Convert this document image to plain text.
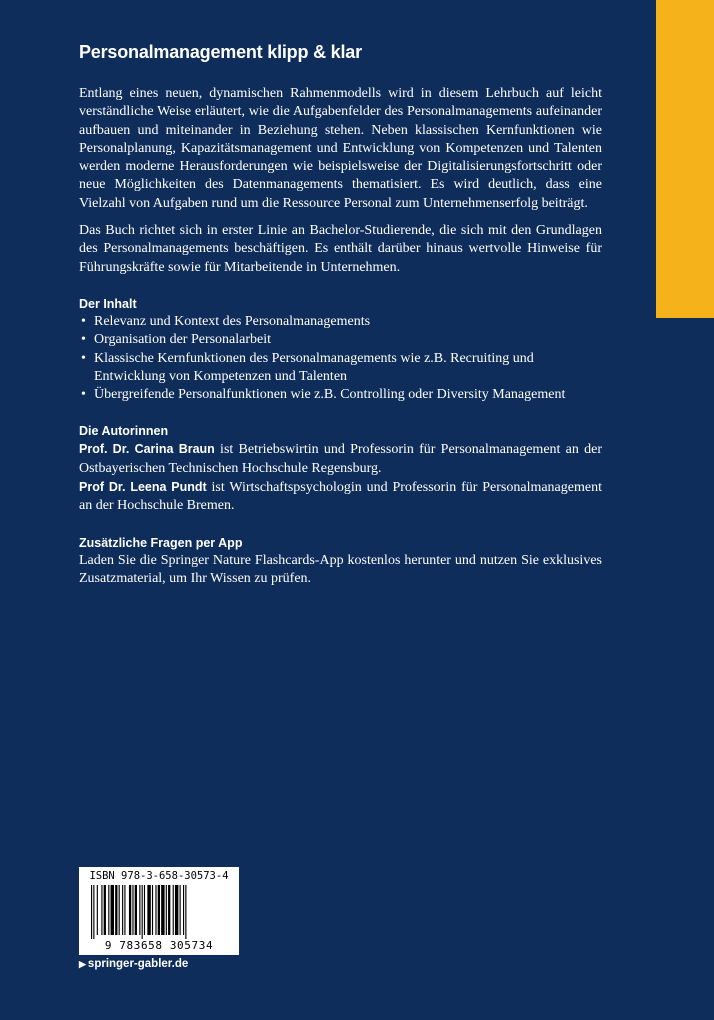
Personalmanagement klipp & klar

Entlang eines neuen, dynamischen Rahmenmodells wird in diesem Lehrbuch auf leicht verständliche Weise erläutert, wie die Aufgabenfelder des Personalmanagements aufeinander aufbauen und miteinander in Beziehung stehen. Neben klassischen Kernfunktionen wie Personalplanung, Kapazitätsmanagement und Entwicklung von Kompetenzen und Talenten werden moderne Herausforderungen wie beispielsweise der Digitalisierungsfortschritt oder neue Möglichkeiten des Datenmanagements thematisiert. Es wird deutlich, dass eine Vielzahl von Aufgaben rund um die Ressource Personal zum Unternehmenserfolg beiträgt.

Das Buch richtet sich in erster Linie an Bachelor-Studierende, die sich mit den Grundlagen des Personalmanagements beschäftigen. Es enthält darüber hinaus wertvolle Hinweise für Führungskräfte sowie für Mitarbeitende in Unternehmen.

Der Inhalt
• Relevanz und Kontext des Personalmanagements
• Organisation der Personalarbeit
• Klassische Kernfunktionen des Personalmanagements wie z.B. Recruiting und Entwicklung von Kompetenzen und Talenten
• Übergreifende Personalfunktionen wie z.B. Controlling oder Diversity Management
Die Autorinnen

Prof. Dr. Carina Braun ist Betriebswirtin und Professorin für Personalmanagement an der Ostbayerischen Technischen Hochschule Regensburg.

Prof Dr. Leena Pundt ist Wirtschaftspsychologin und Professorin für Personalmanagement an der Hochschule Bremen.

Zusätzliche Fragen per App

Laden Sie die Springer Nature Flashcards-App kostenlos herunter und nutzen Sie exklusives Zusatzmaterial, um Ihr Wissen zu prüfen.

ISBN 978-3-658-30573-4
9 783658 305734
▶ springer-gabler.de
